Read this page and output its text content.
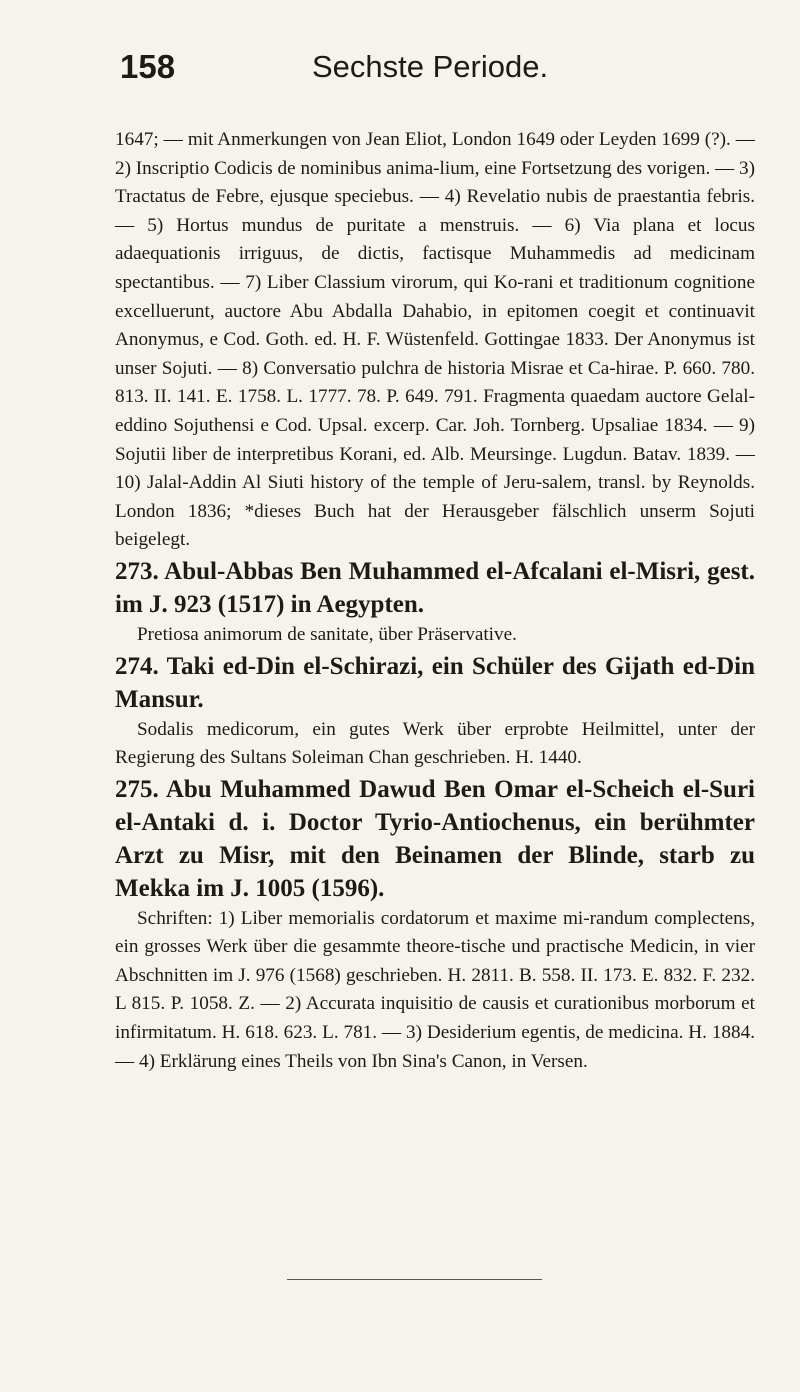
158	Sechste Periode.

1647; — mit Anmerkungen von Jean Eliot, London 1649 oder Leyden 1699 (?). — 2) Inscriptio Codicis de nominibus anima-lium, eine Fortsetzung des vorigen. — 3) Tractatus de Febre, ejusque speciebus. — 4) Revelatio nubis de praestantia febris. — 5) Hortus mundus de puritate a menstruis. — 6) Via plana et locus adaequationis irriguus, de dictis, factisque Muhammedis ad medicinam spectantibus. — 7) Liber Classium virorum, qui Ko-rani et traditionum cognitione excelluerunt, auctore Abu Abdalla Dahabio, in epitomen coegit et continuavit Anonymus, e Cod. Goth. ed. H. F. Wüstenfeld. Gottingae 1833. Der Anonymus ist unser Sojuti. — 8) Conversatio pulchra de historia Misrae et Ca-hirae. P. 660. 780. 813. II. 141. E. 1758. L. 1777. 78. P. 649. 791. Fragmenta quaedam auctore Gelal-eddino Sojuthensi e Cod. Upsal. excerp. Car. Joh. Tornberg. Upsaliae 1834. — 9) Sojutii liber de interpretibus Korani, ed. Alb. Meursinge. Lugdun. Batav. 1839. — 10) Jalal-Addin Al Siuti history of the temple of Jeru-salem, transl. by Reynolds. London 1836; *dieses Buch hat der Herausgeber fälschlich unserm Sojuti beigelegt.

273. Abul-Abbas Ben Muhammed el-Afcalani el-Misri, gest. im J. 923 (1517) in Aegypten.

Pretiosa animorum de sanitate, über Präservative.

274. Taki ed-Din el-Schirazi, ein Schüler des Gijath ed-Din Mansur.

Sodalis medicorum, ein gutes Werk über erprobte Heilmittel, unter der Regierung des Sultans Soleiman Chan geschrieben. H. 1440.

275. Abu Muhammed Dawud Ben Omar el-Scheich el-Suri el-Antaki d. i. Doctor Tyrio-Antiochenus, ein berühmter Arzt zu Misr, mit den Beinamen der Blinde, starb zu Mekka im J. 1005 (1596).

Schriften: 1) Liber memorialis cordatorum et maxime mi-randum complectens, ein grosses Werk über die gesammte theore-tische und practische Medicin, in vier Abschnitten im J. 976 (1568) geschrieben. H. 2811. B. 558. II. 173. E. 832. F. 232. L 815. P. 1058. Z. — 2) Accurata inquisitio de causis et curationibus morborum et infirmitatum. H. 618. 623. L. 781. — 3) Desiderium egentis, de medicina. H. 1884. — 4) Erklärung eines Theils von Ibn Sina's Canon, in Versen.
